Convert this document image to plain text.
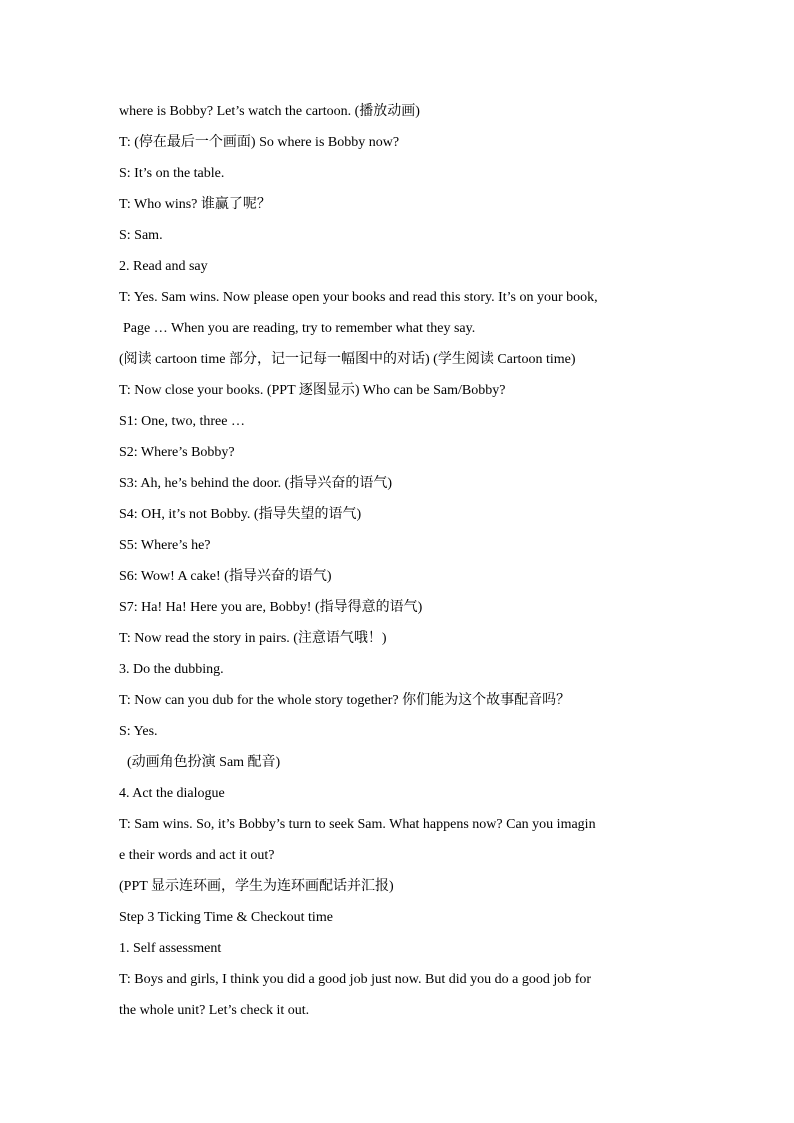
where is Bobby? Let’s watch the cartoon. (播放动画)
T: (停在最后一个画面) So where is Bobby now?
S: It’s on the table.
T: Who wins? 谁赢了呢？
S: Sam.
2. Read and say
T: Yes. Sam wins. Now please open your books and read this story. It’s on your book,
Page … When you are reading, try to remember what they say.
(阅读 cartoon time 部分，记一记每一幅图中的对话) (学生阅读 Cartoon time)
T: Now close your books. (PPT 逐图显示) Who can be Sam/Bobby?
S1: One, two, three …
S2: Where’s Bobby?
S3: Ah, he’s behind the door. (指导兴奋的语气)
S4: OH, it’s not Bobby. (指导失望的语气)
S5: Where’s he?
S6: Wow! A cake! (指导兴奋的语气)
S7: Ha! Ha! Here you are, Bobby! (指导得意的语气)
T: Now read the story in pairs. (注意语气哦！)
3. Do the dubbing.
T: Now can you dub for the whole story together? 你们能为这个故事配音吗？
S: Yes.
(动画角色扮演 Sam 配音)
4. Act the dialogue
T: Sam wins. So, it’s Bobby’s turn to seek Sam. What happens now? Can you imagin
e their words and act it out?
(PPT 显示连环画，学生为连环画配话并汇报)
Step 3 Ticking Time & Checkout time
1. Self assessment
T: Boys and girls, I think you did a good job just now. But did you do a good job for
the whole unit? Let’s check it out.
